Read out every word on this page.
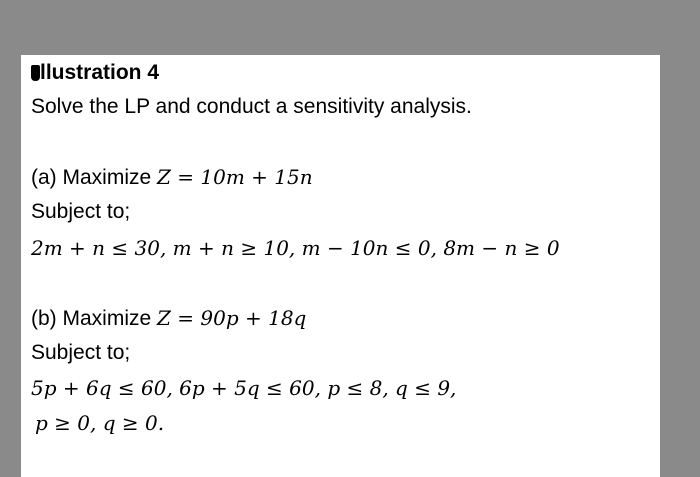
llustration 4
Solve the LP and conduct a sensitivity analysis.
(a) Maximize Z = 10m + 15n
Subject to;
2m + n ≤ 30, m + n ≥ 10, m − 10n ≤ 0, 8m − n ≥ 0
(b) Maximize Z = 90p + 18q
Subject to;
5p + 6q ≤ 60, 6p + 5q ≤ 60, p ≤ 8, q ≤ 9,
p ≥ 0, q ≥ 0.
